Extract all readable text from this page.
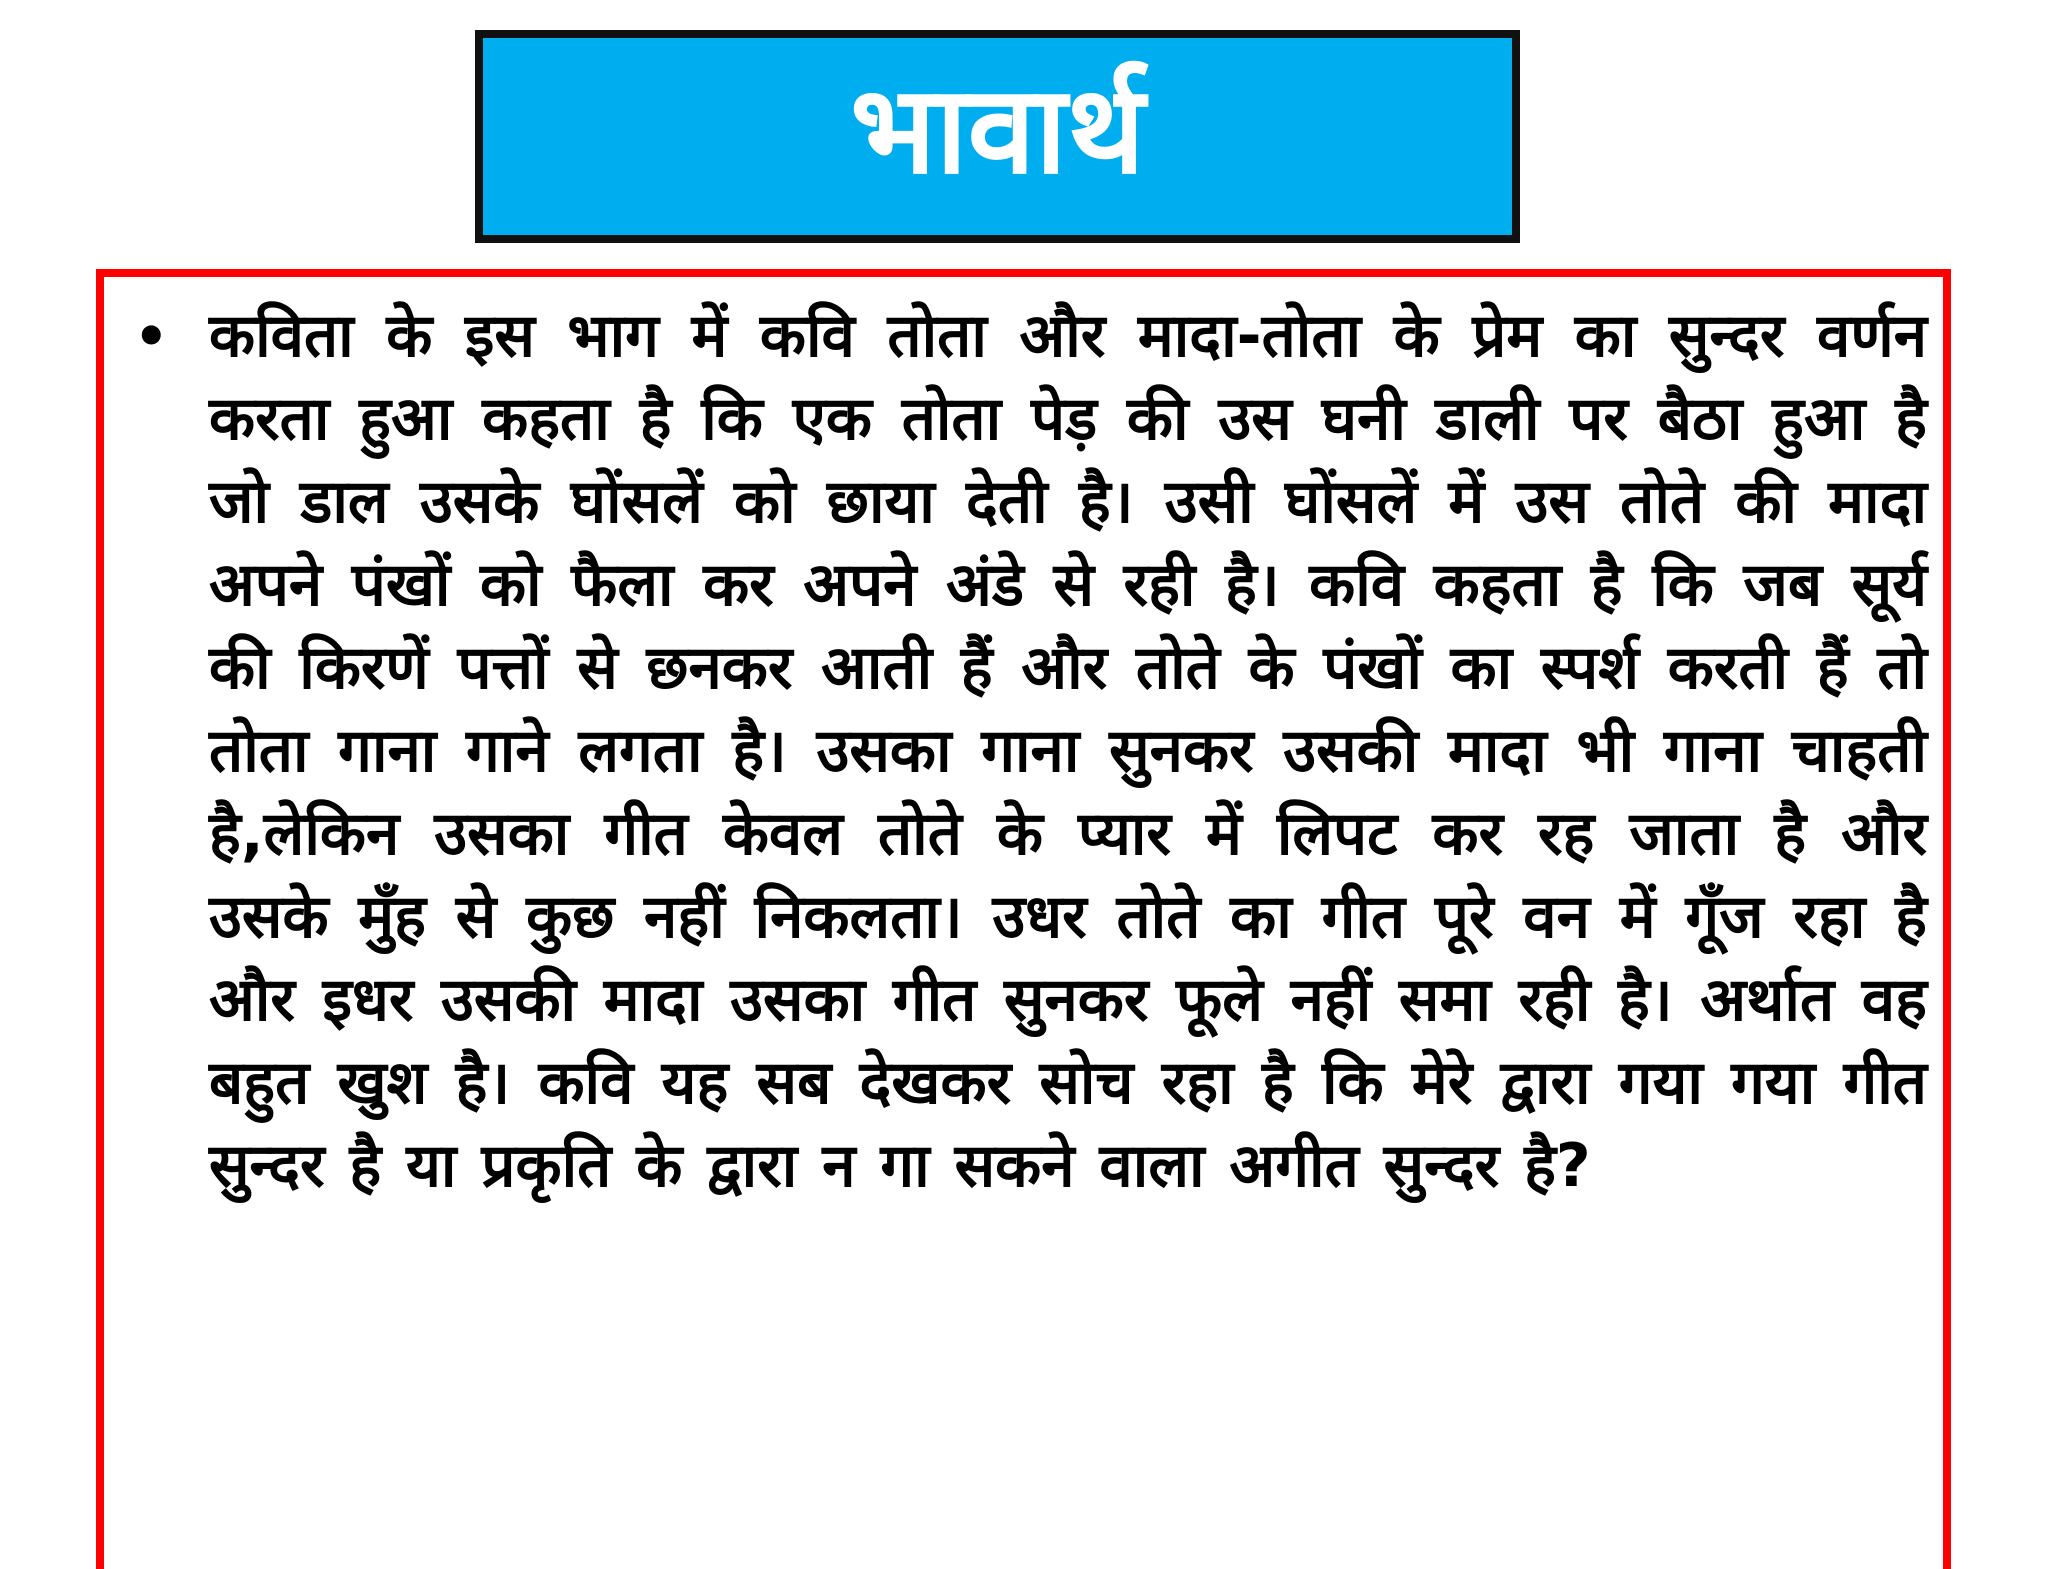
भावार्थ
• कविता के इस भाग में कवि तोता और मादा-तोता के प्रेम का सुन्दर वर्णन करता हुआ कहता है कि एक तोता पेड़ की उस घनी डाली पर बैठा हुआ है जो डाल उसके घोंसलें को छाया देती है। उसी घोंसलें में उस तोते की मादा अपने पंखों को फैला कर अपने अंडे से रही है। कवि कहता है कि जब सूर्य की किरणें पत्तों से छनकर आती हैं और तोते के पंखों का स्पर्श करती हैं तो तोता गाना गाने लगता है। उसका गाना सुनकर उसकी मादा भी गाना चाहती है,लेकिन उसका गीत केवल तोते के प्यार में लिपट कर रह जाता है और उसके मुँह से कुछ नहीं निकलता। उधर तोते का गीत पूरे वन में गूँज रहा है और इधर उसकी मादा उसका गीत सुनकर फूले नहीं समा रही है। अर्थात वह बहुत खुश है। कवि यह सब देखकर सोच रहा है कि मेरे द्वारा गया गया गीत सुन्दर है या प्रकृति के द्वारा न गा सकने वाला अगीत सुन्दर है?
